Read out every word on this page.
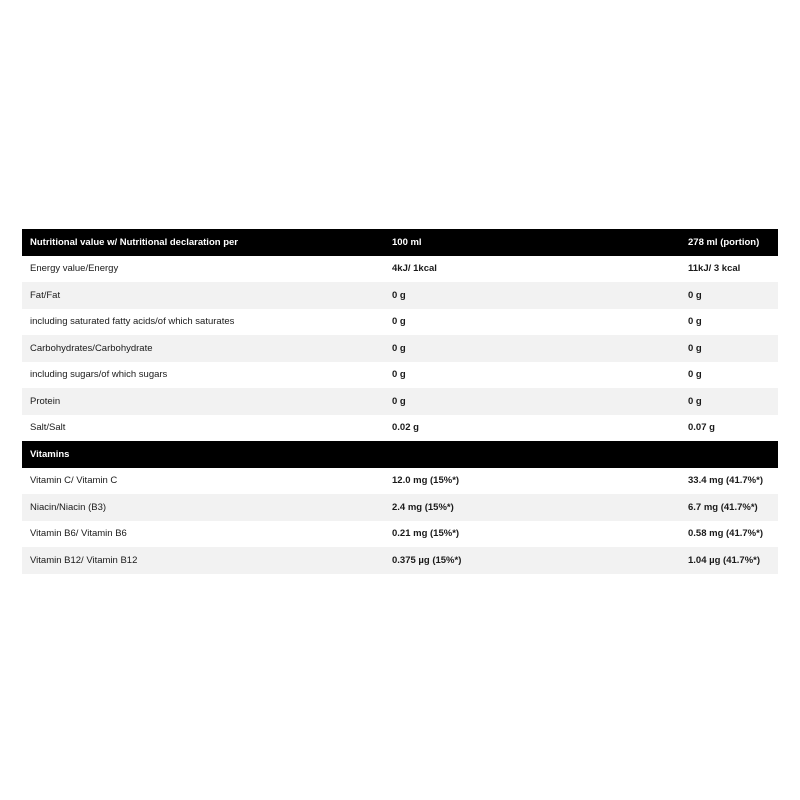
Nutritional value w/ Nutritional declaration per	100 ml	278 ml (portion)
Energy value/Energy	4kJ/ 1kcal	11kJ/ 3 kcal
Fat/Fat	0 g	0 g
including saturated fatty acids/of which saturates	0 g	0 g
Carbohydrates/Carbohydrate	0 g	0 g
including sugars/of which sugars	0 g	0 g
Protein	0 g	0 g
Salt/Salt	0.02 g	0.07 g
Vitamins		
Vitamin C/ Vitamin C	12.0 mg (15%*)	33.4 mg (41.7%*)
Niacin/Niacin (B3)	2.4 mg (15%*)	6.7 mg (41.7%*)
Vitamin B6/ Vitamin B6	0.21 mg (15%*)	0.58 mg (41.7%*)
Vitamin B12/ Vitamin B12	0.375 µg (15%*)	1.04 µg (41.7%*)
